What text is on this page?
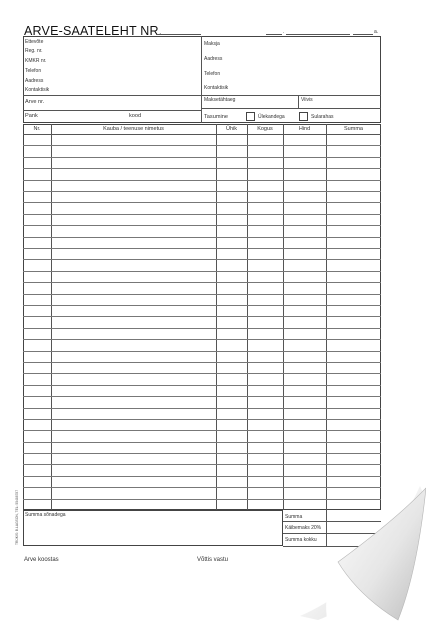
ARVE-SAATELEHT NR.	.	a.
Ettevõte
Reg. nr.
KMKR nr.
Telefon
Aadress
Kontaktisik
Maksja
Aadress
Telefon
Kontaktisik
Arve nr.
Pank	kood
Maksetähtaeg	Viivis
Tasumine	Ülekandega	Sularahas
Nr.	Kauba / teenuse nimetus	Ühik	Kogus	Hind	Summa
Summa sõnadega	Summa
Käibemaks 20%
Summa kokku
TRÜKIS: B.LAGSON, TEL: 55488787
Arve koostas	Võttis vastu
